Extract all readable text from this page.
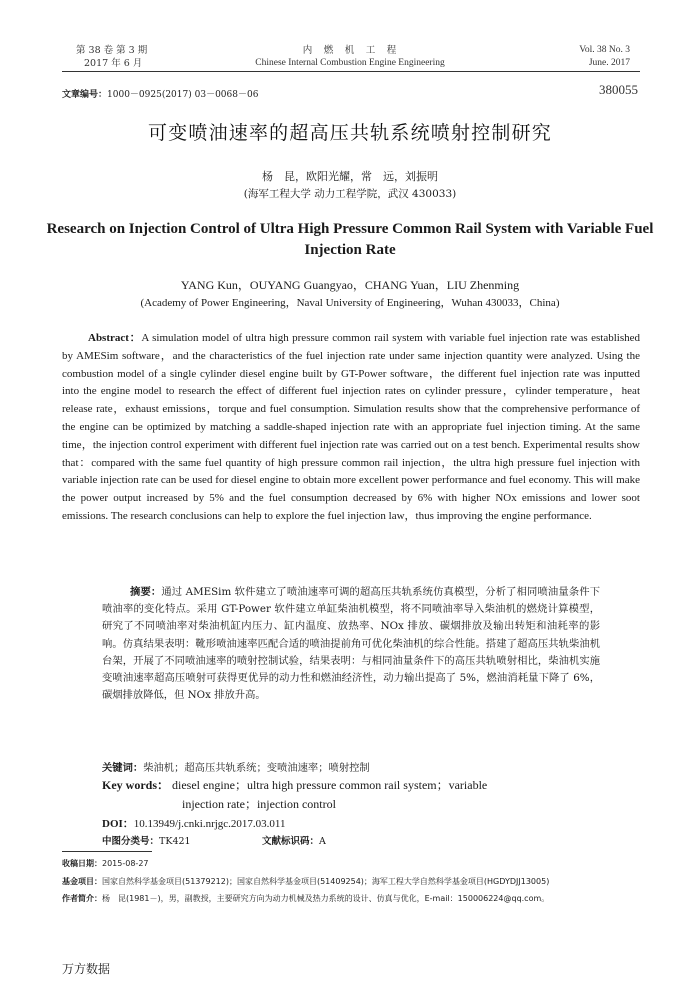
第 38 卷 第 3 期
2017 年 6 月
内　燃　机　工　程
Chinese Internal Combustion Engine Engineering
Vol. 38 No. 3
June. 2017
文章编号：1000－0925(2017) 03－0068－06	380055
可变喷油速率的超高压共轨系统喷射控制研究
杨　昆，欧阳光耀，常　远，刘振明
(海军工程大学 动力工程学院，武汉 430033)
Research on Injection Control of Ultra High Pressure Common Rail System with Variable Fuel Injection Rate
YANG Kun，OUYANG Guangyao，CHANG Yuan，LIU Zhenming
(Academy of Power Engineering，Naval University of Engineering，Wuhan 430033，China)
Abstract：A simulation model of ultra high pressure common rail system with variable fuel injection rate was established by AMESim software，and the characteristics of the fuel injection rate under same injection quantity were analyzed. Using the combustion model of a single cylinder diesel engine built by GT-Power software，the different fuel injection rate was inputted into the engine model to research the effect of different fuel injection rates on cylinder pressure，cylinder temperature，heat release rate，exhaust emissions，torque and fuel consumption. Simulation results show that the comprehensive performance of the engine can be optimized by matching a saddle-shaped injection rate with an appropriate fuel injection timing. At the same time，the injection control experiment with different fuel injection rate was carried out on a test bench. Experimental results show that：compared with the same fuel quantity of high pressure common rail injection，the ultra high pressure fuel injection with variable injection rate can be used for diesel engine to obtain more excellent power performance and fuel economy. This will make the power output increased by 5% and the fuel consumption decreased by 6% with higher NOx emissions and lower soot emissions. The research conclusions can help to explore the fuel injection law，thus improving the engine performance.
摘要：通过 AMESim 软件建立了喷油速率可调的超高压共轨系统仿真模型，分析了相同喷油量条件下喷油率的变化特点。采用 GT-Power 软件建立单缸柴油机模型，将不同喷油率导入柴油机的燃烧计算模型，研究了不同喷油率对柴油机缸内压力、缸内温度、放热率、NOx 排放、碳烟排放及输出转矩和油耗率的影响。仿真结果表明：靴形喷油速率匹配合适的喷油提前角可优化柴油机的综合性能。搭建了超高压共轨柴油机台架，开展了不同喷油速率的喷射控制试验，结果表明：与相同油量条件下的高压共轨喷射相比，柴油机实施变喷油速率超高压喷射可获得更优异的动力性和燃油经济性，动力输出提高了 5%，燃油消耗量下降了 6%，碳烟排放降低，但 NOx 排放升高。
关键词：柴油机；超高压共轨系统；变喷油速率；喷射控制
Key words： diesel engine；ultra high pressure common rail system；variable
injection rate；injection control
DOI：10.13949/j.cnki.nrjgc.2017.03.011
中图分类号：TK421	文献标识码：A
收稿日期：2015-08-27
基金项目：国家自然科学基金项目(51379212)；国家自然科学基金项目(51409254)；海军工程大学自然科学基金项目(HGDYDJJ13005)
作者简介：杨　昆(1981－)，男，副教授，主要研究方向为动力机械及热力系统的设计、仿真与优化，E-mail：150006224@qq.com。
万方数据
